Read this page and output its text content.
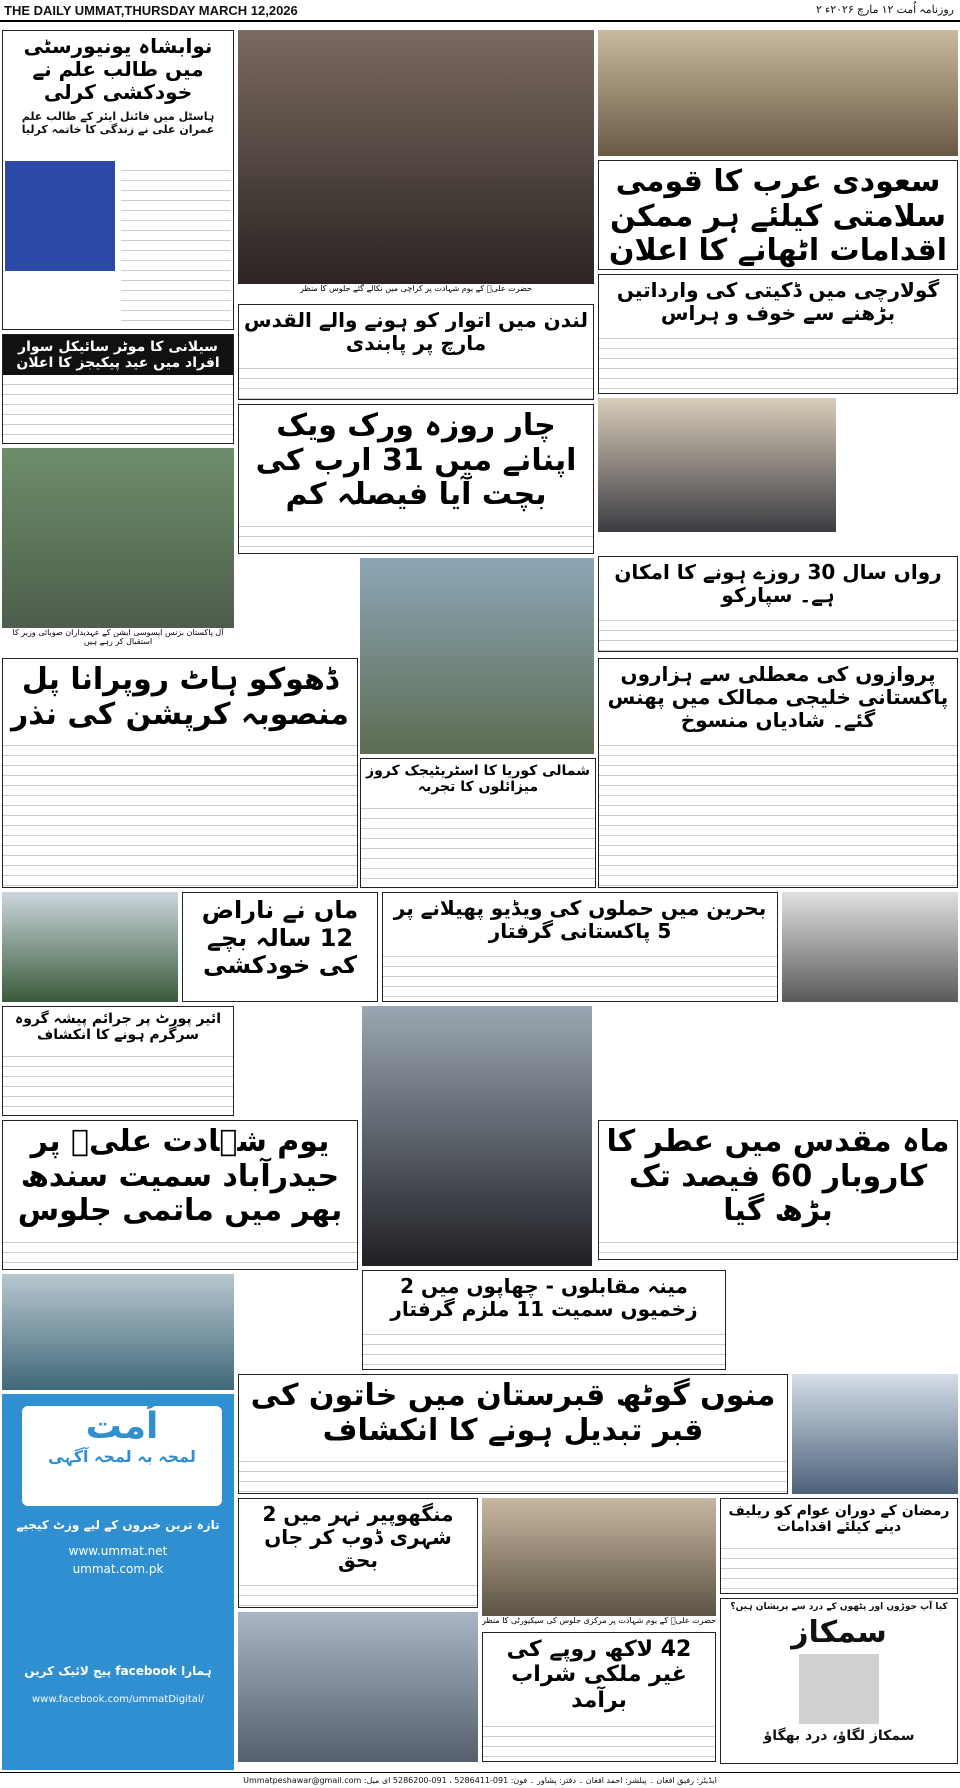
THE DAILY UMMAT,THURSDAY MARCH 12,2026	روزنامہ اُمت ۱۲ مارچ ۲۰۲۶ء ۲
نوابشاہ یونیورسٹی میں طالب علم نے خودکشی کرلی
ہاسٹل میں فائنل ایئر کے طالب علم عمران علی نے زندگی کا خاتمہ کرلیا
سیلانی کا موٹر سائیکل سوار افراد میں عید پیکیجز کا اعلان
آل پاکستان بزنس ایسوسی ایشن کے عہدیداران صوبائی وزیر کا استقبال کر رہے ہیں
حضرت علیؓ کے یوم شہادت پر کراچی میں نکالے گئے جلوس کا منظر
لندن میں اتوار کو ہونے والے القدس مارچ پر پابندی
چار روزہ ورک ویک اپنانے میں 31 ارب کی بچت آیا فیصلہ کم
سعودی عرب کا قومی سلامتی کیلئے ہر ممکن اقدامات اٹھانے کا اعلان
گولارچی میں ڈکیتی کی وارداتیں بڑھنے سے خوف و ہراس
رواں سال 30 روزے ہونے کا امکان ہے۔ سپارکو
ڈھوکو ہاٹ روپرانا پل منصوبہ کرپشن کی نذر
پروازوں کی معطلی سے ہزاروں پاکستانی خلیجی ممالک میں پھنس گئے۔ شادیاں منسوخ
شمالی کوریا کا اسٹریٹیجک کروز میزائلوں کا تجربہ
ماں نے ناراض 12 سالہ بچے کی خودکشی
بحرین میں حملوں کی ویڈیو پھیلانے پر 5 پاکستانی گرفتار
ائیر پورٹ پر جرائم پیشہ گروہ سرگرم ہونے کا انکشاف
یوم شہادت علیؓ پر حیدرآباد سمیت سندھ بھر میں ماتمی جلوس
ماہ مقدس میں عطر کا کاروبار 60 فیصد تک بڑھ گیا
مینہ مقابلوں - چھاپوں میں 2 زخمیوں سمیت 11 ملزم گرفتار
اُمت
لمحہ بہ لمحہ آگہی
تازہ ترین خبروں کے لیے وزٹ کیجیے
www.ummat.net
ummat.com.pk
ہمارا facebook پیج لائیک کریں
www.facebook.com/ummatDigital/
منوں گوٹھ قبرستان میں خاتون کی قبر تبدیل ہونے کا انکشاف
رمضان کے دوران عوام کو ریلیف دینے کیلئے اقدامات
منگھوپیر نہر میں 2 شہری ڈوب کر جاں بحق
حضرت علیؓ کے یوم شہادت پر مرکزی جلوس کی سیکیورٹی کا منظر
42 لاکھ روپے کی غیر ملکی شراب برآمد
کیا آپ جوڑوں اور پٹھوں کے درد سے پریشان ہیں؟
سمکاز
سمکاز لگاؤ، درد بھگاؤ
ایڈیٹر: رفیق افغان ۔ پبلشر: احمد افغان ۔ دفتر: پشاور ۔ فون: 091-5286411 ، 091-5286200 ای میل: Ummatpeshawar@gmail.com
